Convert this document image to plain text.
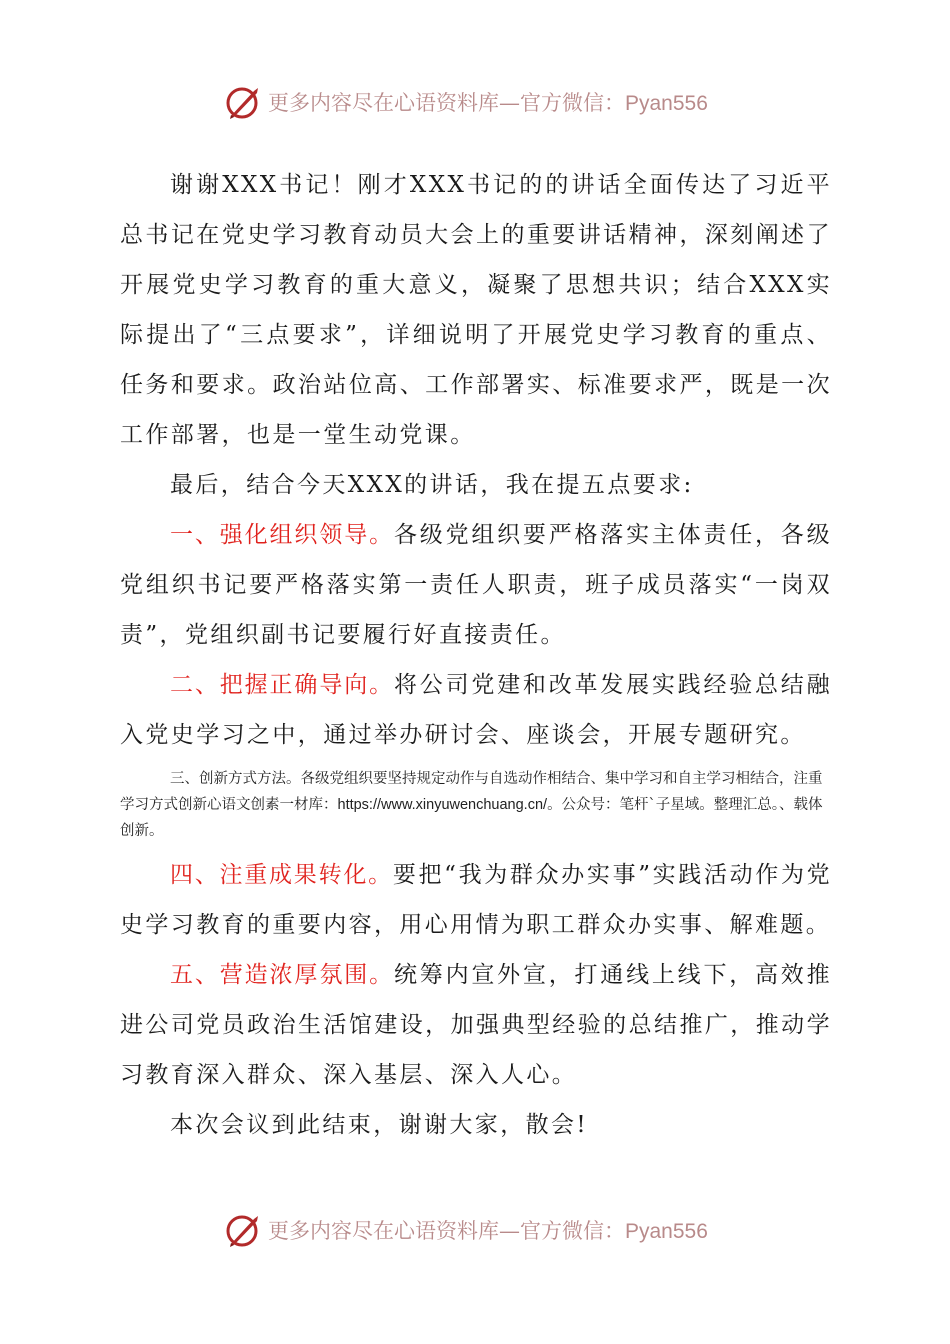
更多内容尽在心语资料库—官方微信：Pyan556

谢谢XXX书记！刚才XXX书记的的讲话全面传达了习近平总书记在党史学习教育动员大会上的重要讲话精神，深刻阐述了开展党史学习教育的重大意义，凝聚了思想共识；结合XXX实际提出了“三点要求”，详细说明了开展党史学习教育的重点、任务和要求。政治站位高、工作部署实、标准要求严，既是一次工作部署，也是一堂生动党课。

最后，结合今天XXX的讲话，我在提五点要求:

一、强化组织领导。各级党组织要严格落实主体责任，各级党组织书记要严格落实第一责任人职责，班子成员落实“一岗双责”，党组织副书记要履行好直接责任。

二、把握正确导向。将公司党建和改革发展实践经验总结融入党史学习之中，通过举办研讨会、座谈会，开展专题研究。

三、创新方式方法。各级党组织要坚持规定动作与自选动作相结合、集中学习和自主学习相结合，注重学习方式创新心语文创素一材库：https://www.xinyuwenchuang.cn/。公众号：笔杆`子星域。整理汇总。、载体创新。

四、注重成果转化。要把“我为群众办实事”实践活动作为党史学习教育的重要内容，用心用情为职工群众办实事、解难题。

五、营造浓厚氛围。统筹内宣外宣，打通线上线下，高效推进公司党员政治生活馆建设，加强典型经验的总结推广，推动学习教育深入群众、深入基层、深入人心。

本次会议到此结束，谢谢大家，散会!

更多内容尽在心语资料库—官方微信：Pyan556
